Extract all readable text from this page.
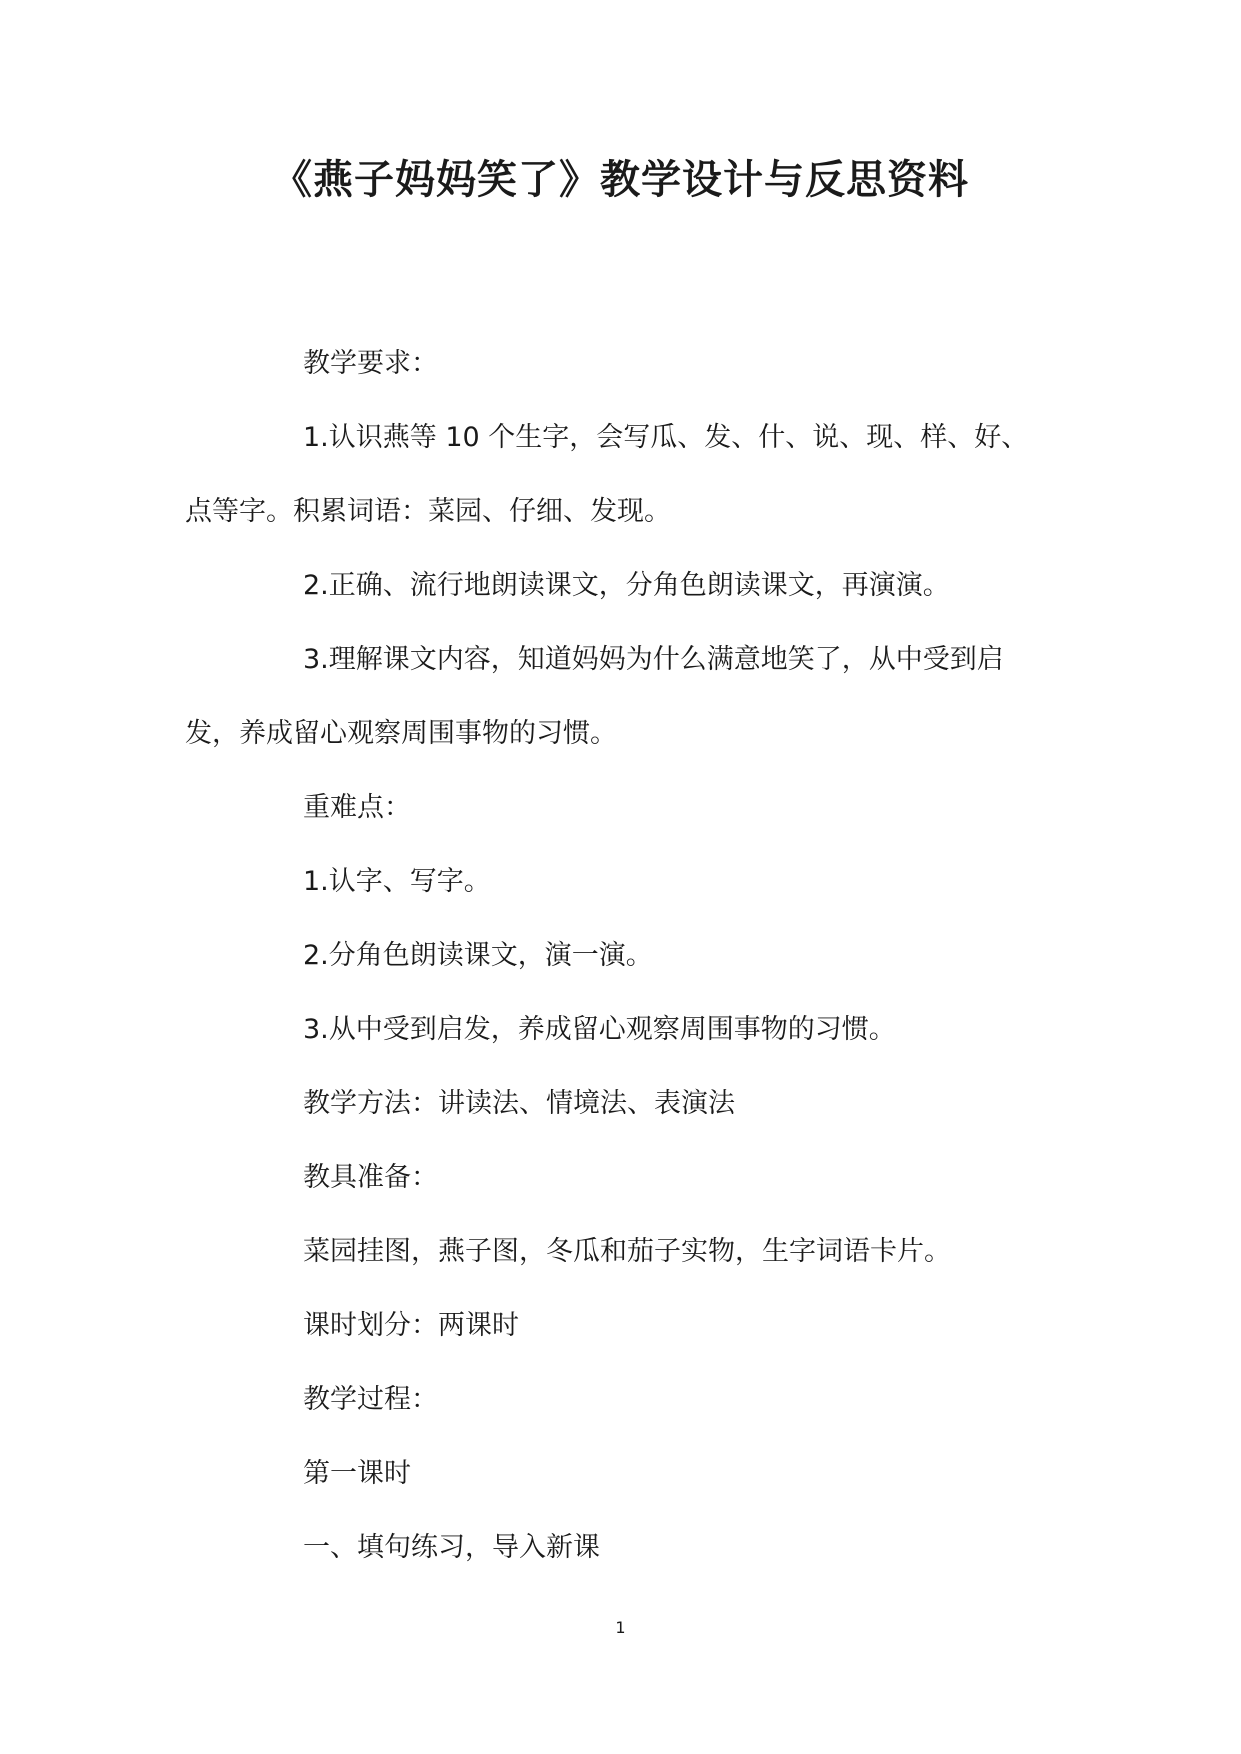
《燕子妈妈笑了》教学设计与反思资料
教学要求：
1.认识燕等 10 个生字，会写瓜、发、什、说、现、样、好、
点等字。积累词语：菜园、仔细、发现。
2.正确、流行地朗读课文，分角色朗读课文，再演演。
3.理解课文内容，知道妈妈为什么满意地笑了，从中受到启
发，养成留心观察周围事物的习惯。
重难点：
1.认字、写字。
2.分角色朗读课文，演一演。
3.从中受到启发，养成留心观察周围事物的习惯。
教学方法：讲读法、情境法、表演法
教具准备：
菜园挂图，燕子图，冬瓜和茄子实物，生字词语卡片。
课时划分：两课时
教学过程：
第一课时
一、填句练习，导入新课
1
